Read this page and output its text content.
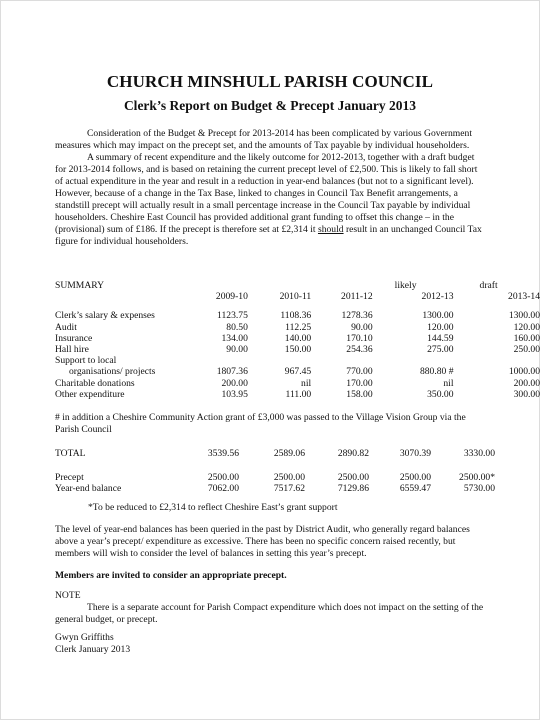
CHURCH MINSHULL PARISH COUNCIL
Clerk’s Report on Budget & Precept January 2013

Consideration of the Budget & Precept for 2013-2014 has been complicated by various Government measures which may impact on the precept set, and the amounts of Tax payable by individual householders.

A summary of recent expenditure and the likely outcome for 2012-2013, together with a draft budget for 2013-2014 follows, and is based on retaining the current precept level of £2,500. This is likely to fall short of actual expenditure in the year and result in a reduction in year-end balances (but not to a significant level). However, because of a change in the Tax Base, linked to changes in Council Tax Benefit arrangements, a standstill precept will actually result in a small percentage increase in the Council Tax payable by individual householders. Cheshire East Council has provided additional grant funding to offset this change – in the (provisional) sum of £186. If the precept is therefore set at £2,314 it should result in an unchanged Council Tax figure for individual householders.

SUMMARY				likely	draft
	2009-10	2010-11	2011-12	2012-13	2013-14

Clerk’s salary & expenses	1123.75	1108.36	1278.36	1300.00	1300.00
Audit	80.50	112.25	90.00	120.00	120.00
Insurance	134.00	140.00	170.10	144.59	160.00
Hall hire	90.00	150.00	254.36	275.00	250.00
Support to local					
organisations/ projects	1807.36	967.45	770.00	880.80 #	1000.00
Charitable donations	200.00	nil	170.00	nil	200.00
Other expenditure	103.95	111.00	158.00	350.00	300.00

# in addition a Cheshire Community Action grant of £3,000 was passed to the Village Vision Group via the Parish Council

TOTAL	3539.56	2589.06	2890.82	3070.39	3330.00

Precept	2500.00	2500.00	2500.00	2500.00	2500.00*
Year-end balance	7062.00	7517.62	7129.86	6559.47	5730.00
*To be reduced to £2,314 to reflect Cheshire East’s grant support

The level of year-end balances has been queried in the past by District Audit, who generally regard balances above a year’s precept/ expenditure as excessive. There has been no specific concern raised recently, but members will wish to consider the level of balances in setting this year’s precept.

Members are invited to consider an appropriate precept.
NOTE

There is a separate account for Parish Compact expenditure which does not impact on the setting of the general budget, or precept.

Gwyn Griffiths
Clerk January 2013
